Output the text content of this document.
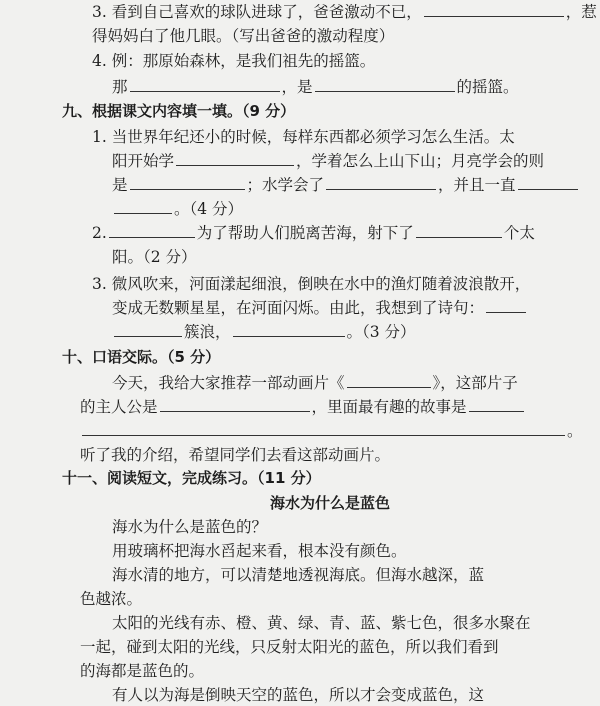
3. 看到自己喜欢的球队进球了，爸爸激动不已，	，惹
得妈妈白了他几眼。（写出爸爸的激动程度）
4. 例：那原始森林，是我们祖先的摇篮。
那	，是	的摇篮。
九、根据课文内容填一填。（9 分）
1. 当世界年纪还小的时候，每样东西都必须学习怎么生活。太
阳开始学	，学着怎么上山下山；月亮学会的则
是	；水学会了	，并且一直
。（4 分）
2.	为了帮助人们脱离苦海，射下了	个太
阳。（2 分）
3. 微风吹来，河面漾起细浪，倒映在水中的渔灯随着波浪散开，
变成无数颗星星，在河面闪烁。由此，我想到了诗句：
簇浪，	。（3 分）
十、口语交际。（5 分）
今天，我给大家推荐一部动画片《	》，这部片子
的主人公是	，里面最有趣的故事是
。
听了我的介绍，希望同学们去看这部动画片。
十一、阅读短文，完成练习。（11 分）
海水为什么是蓝色
海水为什么是蓝色的？
用玻璃杯把海水舀起来看，根本没有颜色。
海水清的地方，可以清楚地透视海底。但海水越深，蓝
色越浓。
太阳的光线有赤、橙、黄、绿、青、蓝、紫七色，很多水聚在
一起，碰到太阳的光线，只反射太阳光的蓝色，所以我们看到
的海都是蓝色的。
有人以为海是倒映天空的蓝色，所以才会变成蓝色，这
